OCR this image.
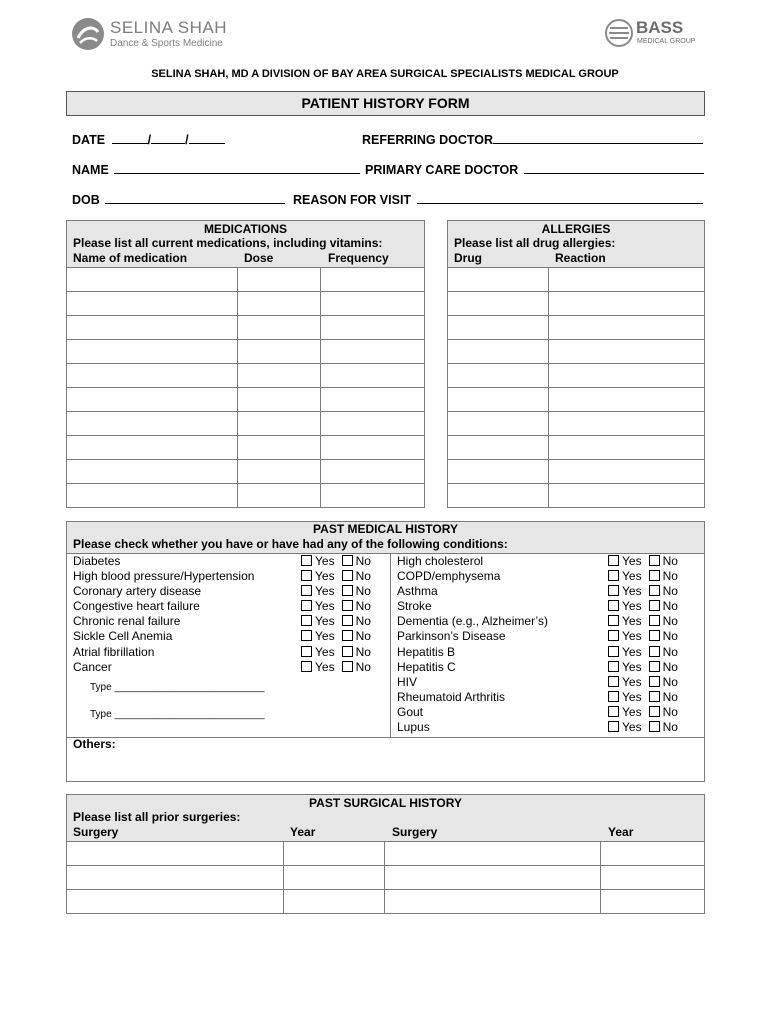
SELINA SHAH
Dance & Sports Medicine
BASS
MEDICAL GROUP
SELINA SHAH, MD A DIVISION OF BAY AREA SURGICAL SPECIALISTS MEDICAL GROUP
PATIENT HISTORY FORM
DATE	/	/	REFERRING DOCTOR
NAME	PRIMARY CARE DOCTOR
DOB	REASON FOR VISIT
MEDICATIONS
Please list all current medications, including vitamins:
Name of medication	Dose	Frequency

ALLERGIES
Please list all drug allergies:
Drug	Reaction

PAST MEDICAL HISTORY
Please check whether you have or have had any of the following conditions:
Diabetes	Yes No
High blood pressure/Hypertension	Yes No
Coronary artery disease	Yes No
Congestive heart failure	Yes No
Chronic renal failure	Yes No
Sickle Cell Anemia	Yes No
Atrial fibrillation	Yes No
Cancer	Yes No
High cholesterol	Yes No
COPD/emphysema	Yes No
Asthma	Yes No
Stroke	Yes No
Dementia (e.g., Alzheimer’s)	Yes No
Parkinson’s Disease	Yes No
Hepatitis B	Yes No
Hepatitis C	Yes No
HIV	Yes No
Rheumatoid Arthritis	Yes No
Gout	Yes No
Lupus	Yes No
Type ___________________________
Type ___________________________
Others:
PAST SURGICAL HISTORY
Please list all prior surgeries:
Surgery	Year	Surgery	Year
